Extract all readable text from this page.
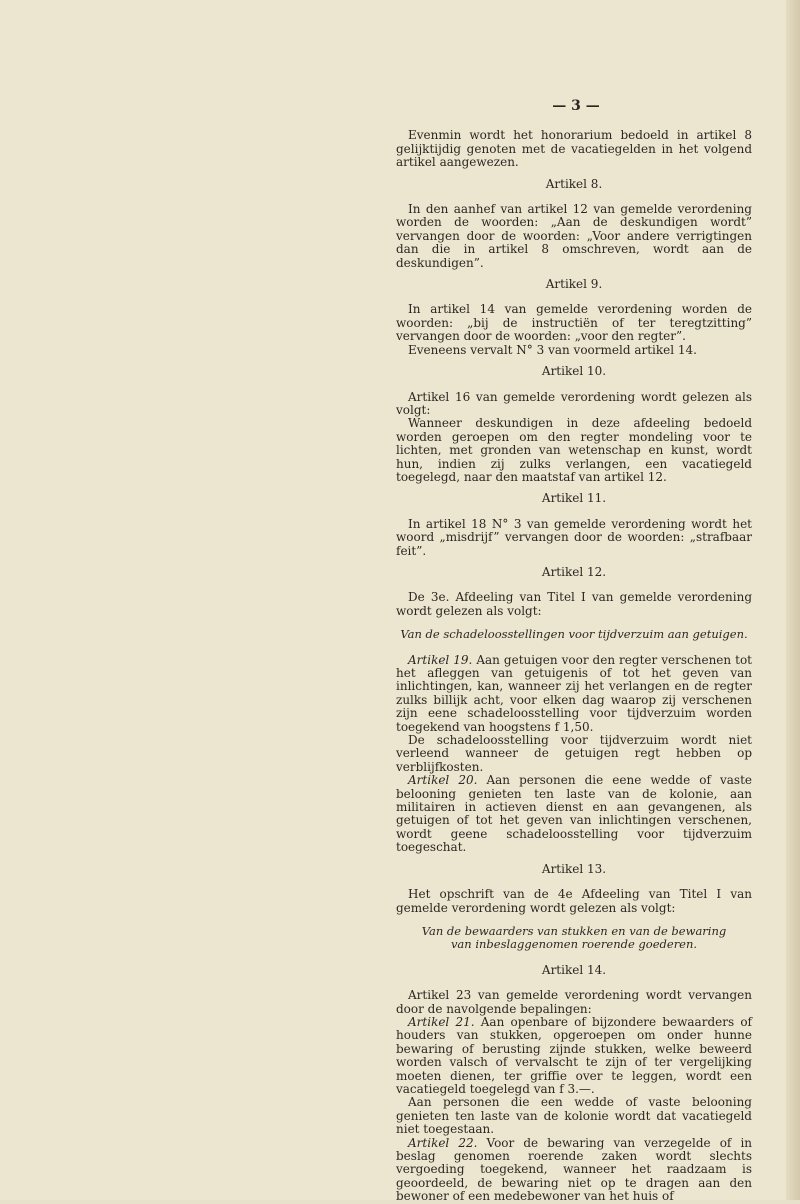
— 3 —

Evenmin wordt het honorarium bedoeld in artikel 8 gelijktijdig genoten met de vacatiegelden in het volgend artikel aangewezen.

Artikel 8.

In den aanhef van artikel 12 van gemelde verordening worden de woorden: „Aan de deskundigen wordt” vervangen door de woorden: „Voor andere verrigtingen dan die in artikel 8 omschreven, wordt aan de deskundigen”.

Artikel 9.

In artikel 14 van gemelde verordening worden de woorden: „bij de instructiën of ter teregtzitting” vervangen door de woorden: „voor den regter”.

Eveneens vervalt N° 3 van voormeld artikel 14.

Artikel 10.

Artikel 16 van gemelde verordening wordt gelezen als volgt:

Wanneer deskundigen in deze afdeeling bedoeld worden geroepen om den regter mondeling voor te lichten, met gronden van wetenschap en kunst, wordt hun, indien zij zulks verlangen, een vacatiegeld toegelegd, naar den maatstaf van artikel 12.

Artikel 11.

In artikel 18 N° 3 van gemelde verordening wordt het woord „misdrijf” vervangen door de woorden: „strafbaar feit”.

Artikel 12.

De 3e. Afdeeling van Titel I van gemelde verordening wordt gelezen als volgt:

Van de schadeloosstellingen voor tijdverzuim aan getuigen.

Artikel 19. Aan getuigen voor den regter verschenen tot het afleggen van getuigenis of tot het geven van inlichtingen, kan, wanneer zij het verlangen en de regter zulks billijk acht, voor elken dag waarop zij verschenen zijn eene schadeloosstelling voor tijdverzuim worden toegekend van hoogstens f 1,50.

De schadeloosstelling voor tijdverzuim wordt niet verleend wanneer de getuigen regt hebben op verblijfkosten.

Artikel 20. Aan personen die eene wedde of vaste belooning genieten ten laste van de kolonie, aan militairen in actieven dienst en aan gevangenen, als getuigen of tot het geven van inlichtingen verschenen, wordt geene schadeloosstelling voor tijdverzuim toegeschat.

Artikel 13.

Het opschrift van de 4e Afdeeling van Titel I van gemelde verordening wordt gelezen als volgt:

Van de bewaarders van stukken en van de bewaring
van inbeslaggenomen roerende goederen.
Artikel 14.

Artikel 23 van gemelde verordening wordt vervangen door de navolgende bepalingen:

Artikel 21. Aan openbare of bijzondere bewaarders of houders van stukken, opgeroepen om onder hunne bewaring of berusting zijnde stukken, welke beweerd worden valsch of vervalscht te zijn of ter vergelijking moeten dienen, ter griffie over te leggen, wordt een vacatiegeld toegelegd van f 3.—.

Aan personen die een wedde of vaste belooning genieten ten laste van de kolonie wordt dat vacatiegeld niet toegestaan.

Artikel 22. Voor de bewaring van verzegelde of in beslag genomen roerende zaken wordt slechts vergoeding toegekend, wanneer het raadzaam is geoordeeld, de bewaring niet op te dragen aan den bewoner of een medebewoner van het huis of
